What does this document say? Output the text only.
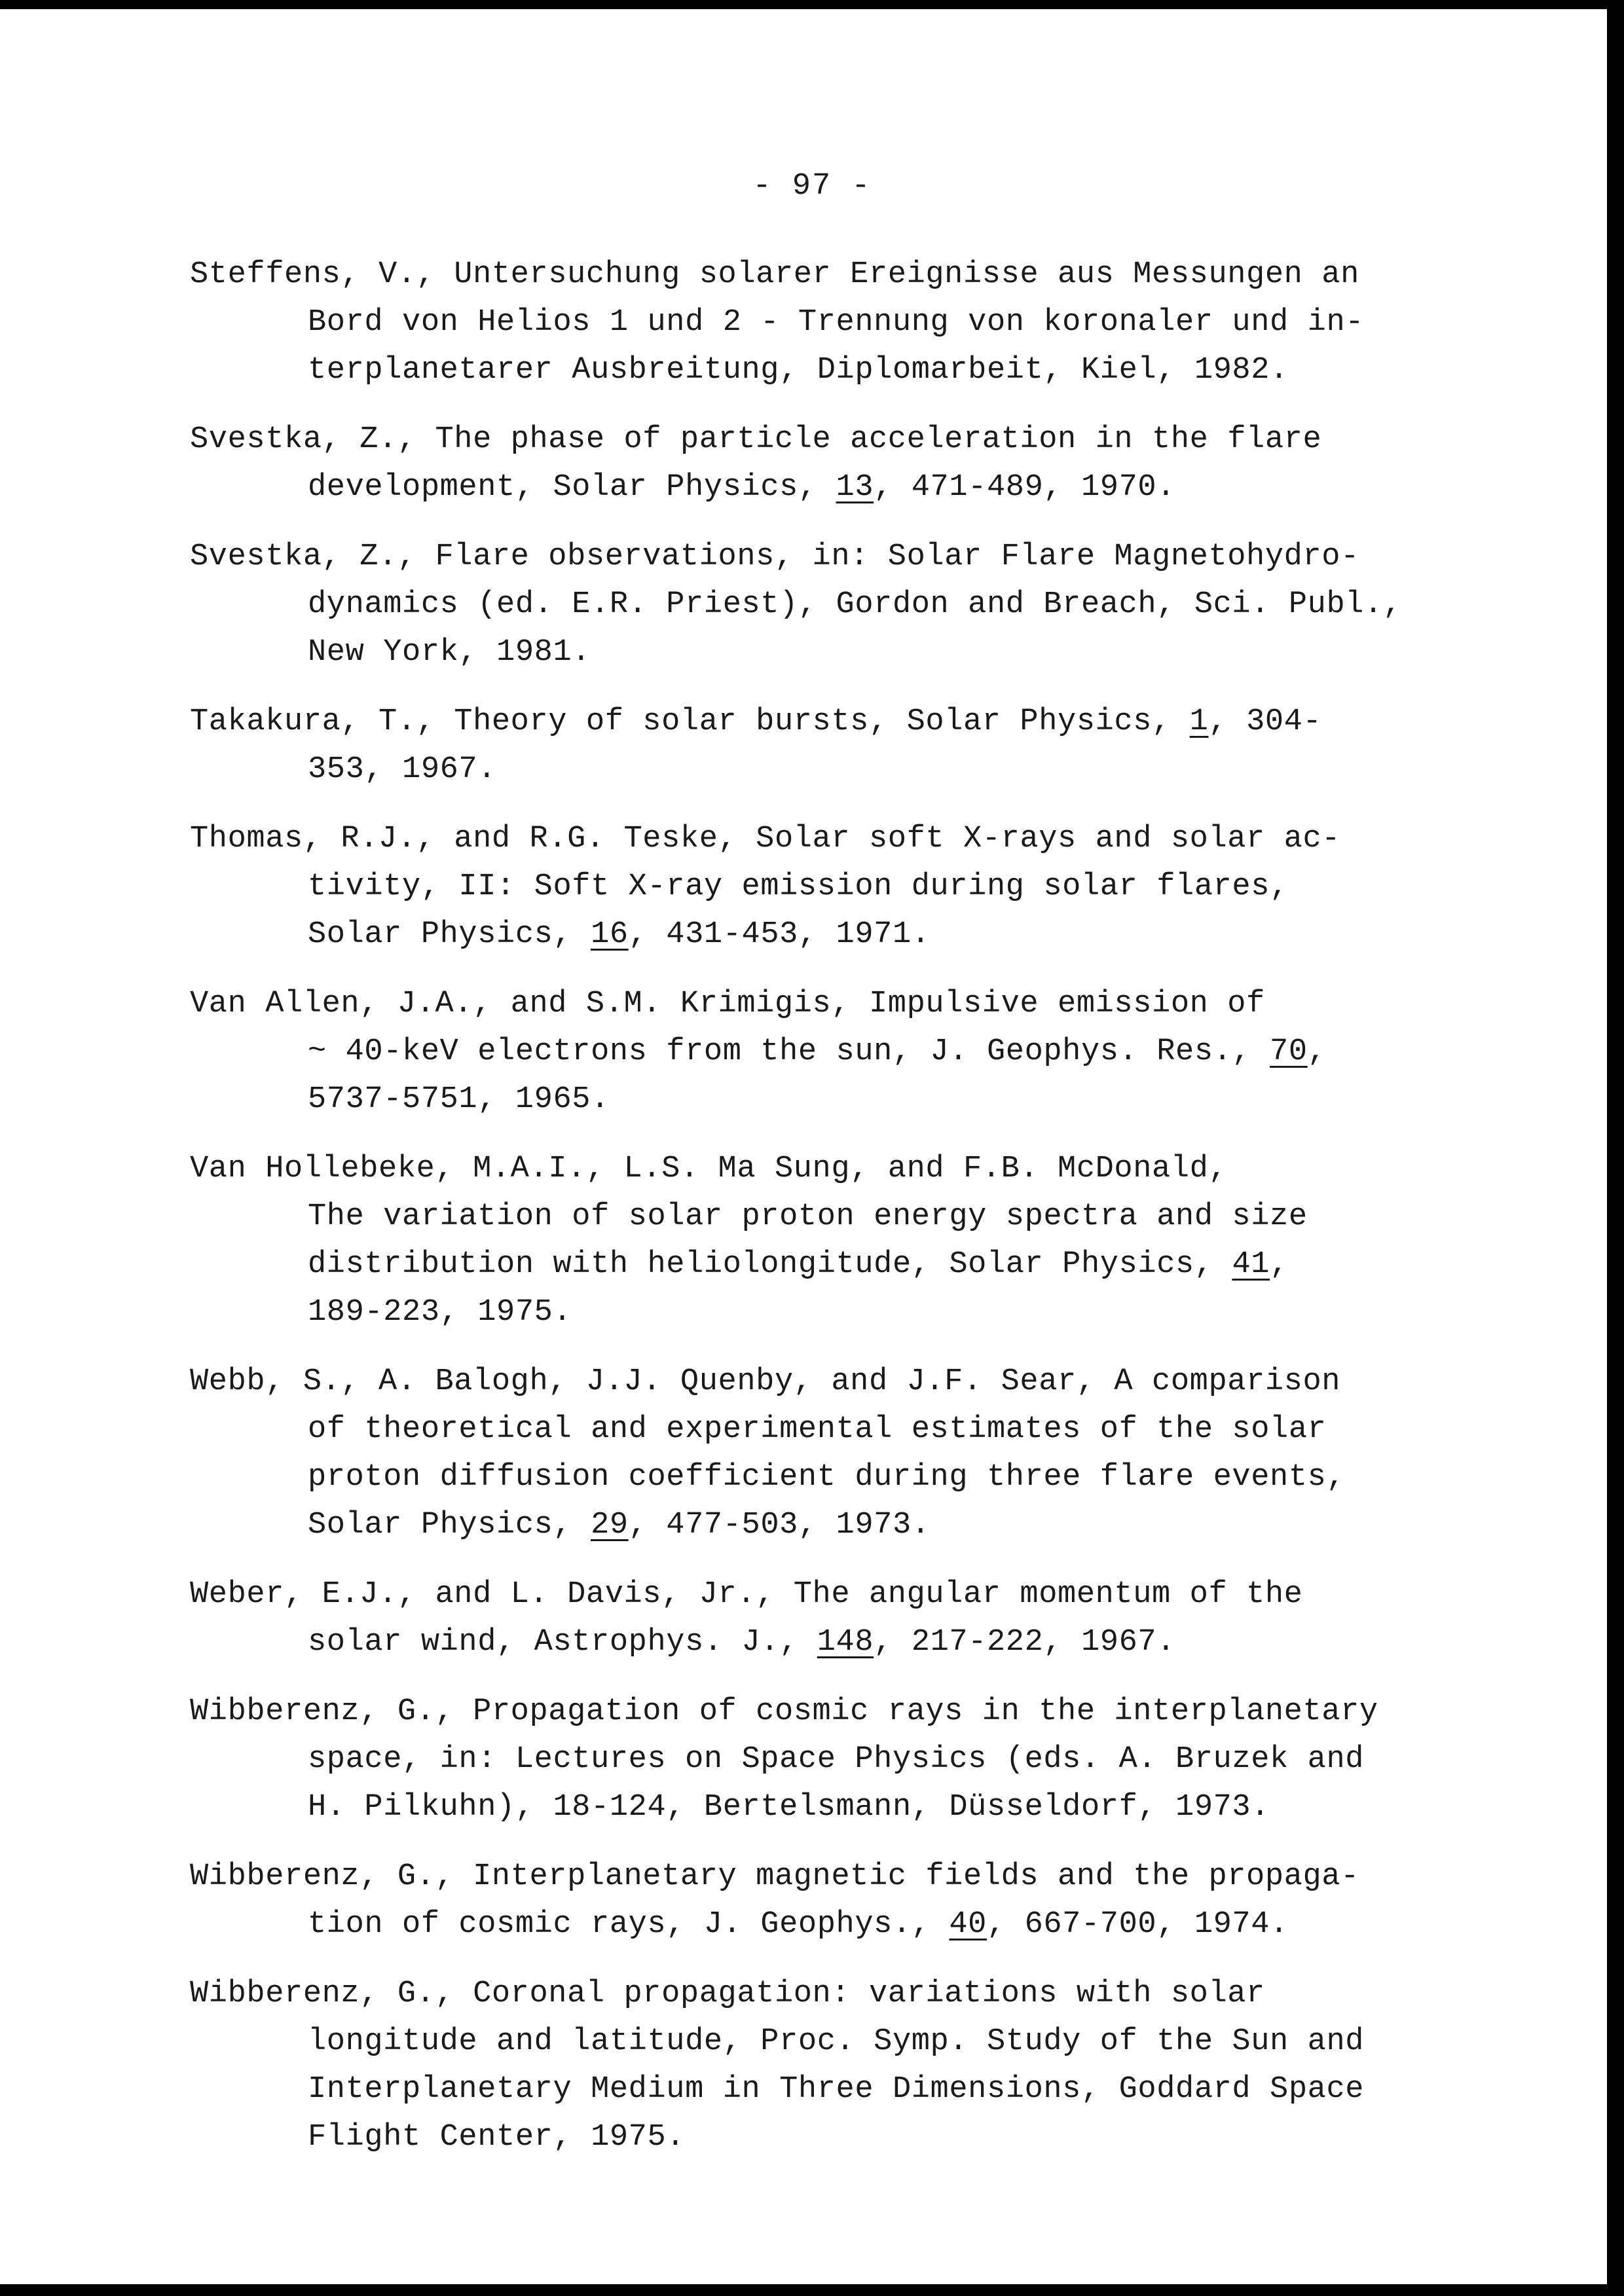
- 97 -
Steffens, V., Untersuchung solarer Ereignisse aus Messungen an
Bord von Helios 1 und 2 - Trennung von koronaler und in-
terplanetarer Ausbreitung, Diplomarbeit, Kiel, 1982.
Svestka, Z., The phase of particle acceleration in the flare
development, Solar Physics, 13, 471-489, 1970.
Svestka, Z., Flare observations, in: Solar Flare Magnetohydro-
dynamics (ed. E.R. Priest), Gordon and Breach, Sci. Publ.,
New York, 1981.
Takakura, T., Theory of solar bursts, Solar Physics, 1, 304-
353, 1967.
Thomas, R.J., and R.G. Teske, Solar soft X-rays and solar ac-
tivity, II: Soft X-ray emission during solar flares,
Solar Physics, 16, 431-453, 1971.
Van Allen, J.A., and S.M. Krimigis, Impulsive emission of
~ 40-keV electrons from the sun, J. Geophys. Res., 70,
5737-5751, 1965.
Van Hollebeke, M.A.I., L.S. Ma Sung, and F.B. McDonald,
The variation of solar proton energy spectra and size
distribution with heliolongitude, Solar Physics, 41,
189-223, 1975.
Webb, S., A. Balogh, J.J. Quenby, and J.F. Sear, A comparison
of theoretical and experimental estimates of the solar
proton diffusion coefficient during three flare events,
Solar Physics, 29, 477-503, 1973.
Weber, E.J., and L. Davis, Jr., The angular momentum of the
solar wind, Astrophys. J., 148, 217-222, 1967.
Wibberenz, G., Propagation of cosmic rays in the interplanetary
space, in: Lectures on Space Physics (eds. A. Bruzek and
H. Pilkuhn), 18-124, Bertelsmann, Düsseldorf, 1973.
Wibberenz, G., Interplanetary magnetic fields and the propaga-
tion of cosmic rays, J. Geophys., 40, 667-700, 1974.
Wibberenz, G., Coronal propagation: variations with solar
longitude and latitude, Proc. Symp. Study of the Sun and
Interplanetary Medium in Three Dimensions, Goddard Space
Flight Center, 1975.
